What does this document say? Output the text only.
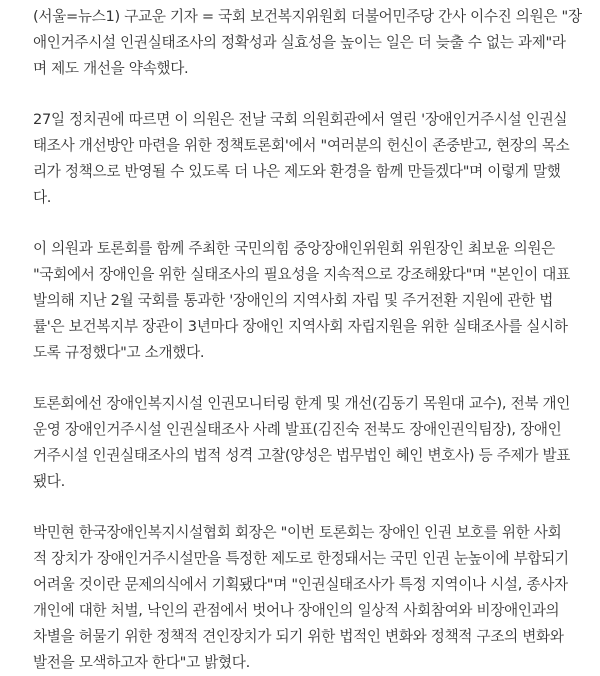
(서울=뉴스1) 구교운 기자 = 국회 보건복지위원회 더불어민주당 간사 이수진 의원은 "장
애인거주시설 인권실태조사의 정확성과 실효성을 높이는 일은 더 늦출 수 없는 과제"라
며 제도 개선을 약속했다.

27일 정치권에 따르면 이 의원은 전날 국회 의원회관에서 열린 '장애인거주시설 인권실
태조사 개선방안 마련을 위한 정책토론회'에서 "여러분의 헌신이 존중받고, 현장의 목소
리가 정책으로 반영될 수 있도록 더 나은 제도와 환경을 함께 만들겠다"며 이렇게 말했
다.

이 의원과 토론회를 함께 주최한 국민의힘 중앙장애인위원회 위원장인 최보윤 의원은
"국회에서 장애인을 위한 실태조사의 필요성을 지속적으로 강조해왔다"며 "본인이 대표
발의해 지난 2월 국회를 통과한 '장애인의 지역사회 자립 및 주거전환 지원에 관한 법
률'은 보건복지부 장관이 3년마다 장애인 지역사회 자립지원을 위한 실태조사를 실시하
도록 규정했다"고 소개했다.

토론회에선 장애인복지시설 인권모니터링 한계 및 개선(김동기 목원대 교수), 전북 개인
운영 장애인거주시설 인권실태조사 사례 발표(김진숙 전북도 장애인권익팀장), 장애인
거주시설 인권실태조사의 법적 성격 고찰(양성은 법무법인 혜인 변호사) 등 주제가 발표
됐다.

박민현 한국장애인복지시설협회 회장은 "이번 토론회는 장애인 인권 보호를 위한 사회
적 장치가 장애인거주시설만을 특정한 제도로 한정돼서는 국민 인권 눈높이에 부합되기
어려울 것이란 문제의식에서 기획됐다"며 "인권실태조사가 특정 지역이나 시설, 종사자
개인에 대한 처벌, 낙인의 관점에서 벗어나 장애인의 일상적 사회참여와 비장애인과의
차별을 허물기 위한 정책적 견인장치가 되기 위한 법적인 변화와 정책적 구조의 변화와
발전을 모색하고자 한다"고 밝혔다.
